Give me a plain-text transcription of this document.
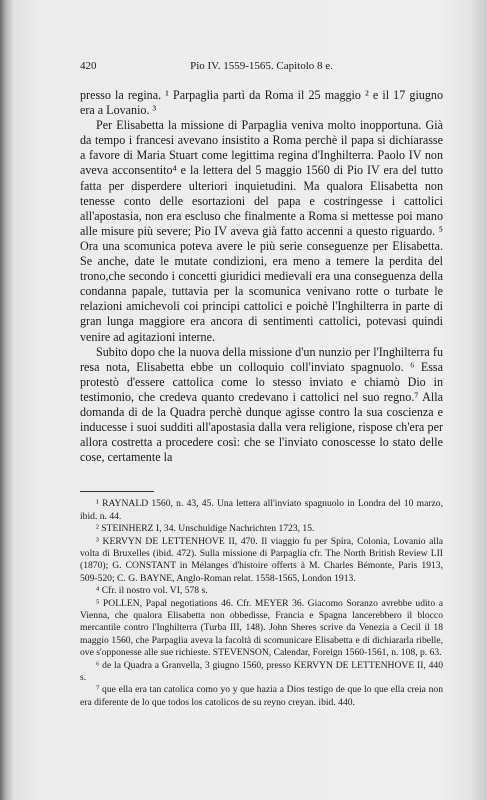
420	Pio IV. 1559-1565. Capitolo 8 e.

presso la regina. ¹ Parpaglia partì da Roma il 25 maggio ² e il 17 giugno era a Lovanio. ³

Per Elisabetta la missione di Parpaglia veniva molto inopportuna. Già da tempo i francesi avevano insistito a Roma perchè il papa si dichiarasse a favore di Maria Stuart come legittima regina d'Inghilterra. Paolo IV non aveva acconsentito⁴ e la lettera del 5 maggio 1560 di Pio IV era del tutto fatta per disperdere ulteriori inquietudini. Ma qualora Elisabetta non tenesse conto delle esortazioni del papa e costringesse i cattolici all'apostasia, non era escluso che finalmente a Roma si mettesse poi mano alle misure più severe; Pio IV aveva già fatto accenni a questo riguardo. ⁵ Ora una scomunica poteva avere le più serie conseguenze per Elisabetta. Se anche, date le mutate condizioni, era meno a temere la perdita del trono,che secondo i concetti giuridici medievali era una conseguenza della condanna papale, tuttavia per la scomunica venivano rotte o turbate le relazioni amichevoli coi principi cattolici e poichè l'Inghilterra in parte di gran lunga maggiore era ancora di sentimenti cattolici, potevasi quindi venire ad agitazioni interne.

Subito dopo che la nuova della missione d'un nunzio per l'Inghilterra fu resa nota, Elisabetta ebbe un colloquio coll'inviato spagnuolo. ⁶ Essa protestò d'essere cattolica come lo stesso inviato e chiamò Dio in testimonio, che credeva quanto credevano i cattolici nel suo regno.⁷ Alla domanda di de la Quadra perchè dunque agisse contro la sua coscienza e inducesse i suoi sudditi all'apostasia dalla vera religione, rispose ch'era per allora costretta a procedere così: che se l'inviato conoscesse lo stato delle cose, certamente la

¹ RAYNALD 1560, n. 43, 45. Una lettera all'inviato spagnuolo in Londra del 10 marzo, ibid. n. 44.

² STEINHERZ I, 34. Unschuldige Nachrichten 1723, 15.

³ KERVYN DE LETTENHOVE II, 470. Il viaggio fu per Spira, Colonia, Lovanio alla volta di Bruxelles (ibid. 472). Sulla missione di Parpaglia cfr. The North British Review LII (1870); G. CONSTANT in Mélanges d'histoire offerts à M. Charles Bémonte, Paris 1913, 509-520; C. G. BAYNE, Anglo-Roman relat. 1558-1565, London 1913.

⁴ Cfr. il nostro vol. VI, 578 s.

⁵ POLLEN, Papal negotiations 46. Cfr. MEYER 36. Giacomo Soranzo avrebbe udito a Vienna, che qualora Elisabetta non obbedisse, Francia e Spagna lancerebbero il blocco mercantile contro l'Inghilterra (Turba III, 148). John Sheres scrive da Venezia a Cecil il 18 maggio 1560, che Parpaglia aveva la facoltà di scomunicare Elisabetta e di dichiararla ribelle, ove s'opponesse alle sue richieste. STEVENSON, Calendar, Foreign 1560-1561, n. 108, p. 63.

⁶ de la Quadra a Granvella, 3 giugno 1560, presso KERVYN DE LETTENHOVE II, 440 s.

⁷ que ella era tan catolica como yo y que hazia a Dios testigo de que lo que ella creia non era diferente de lo que todos los catolicos de su reyno creyan. ibid. 440.
